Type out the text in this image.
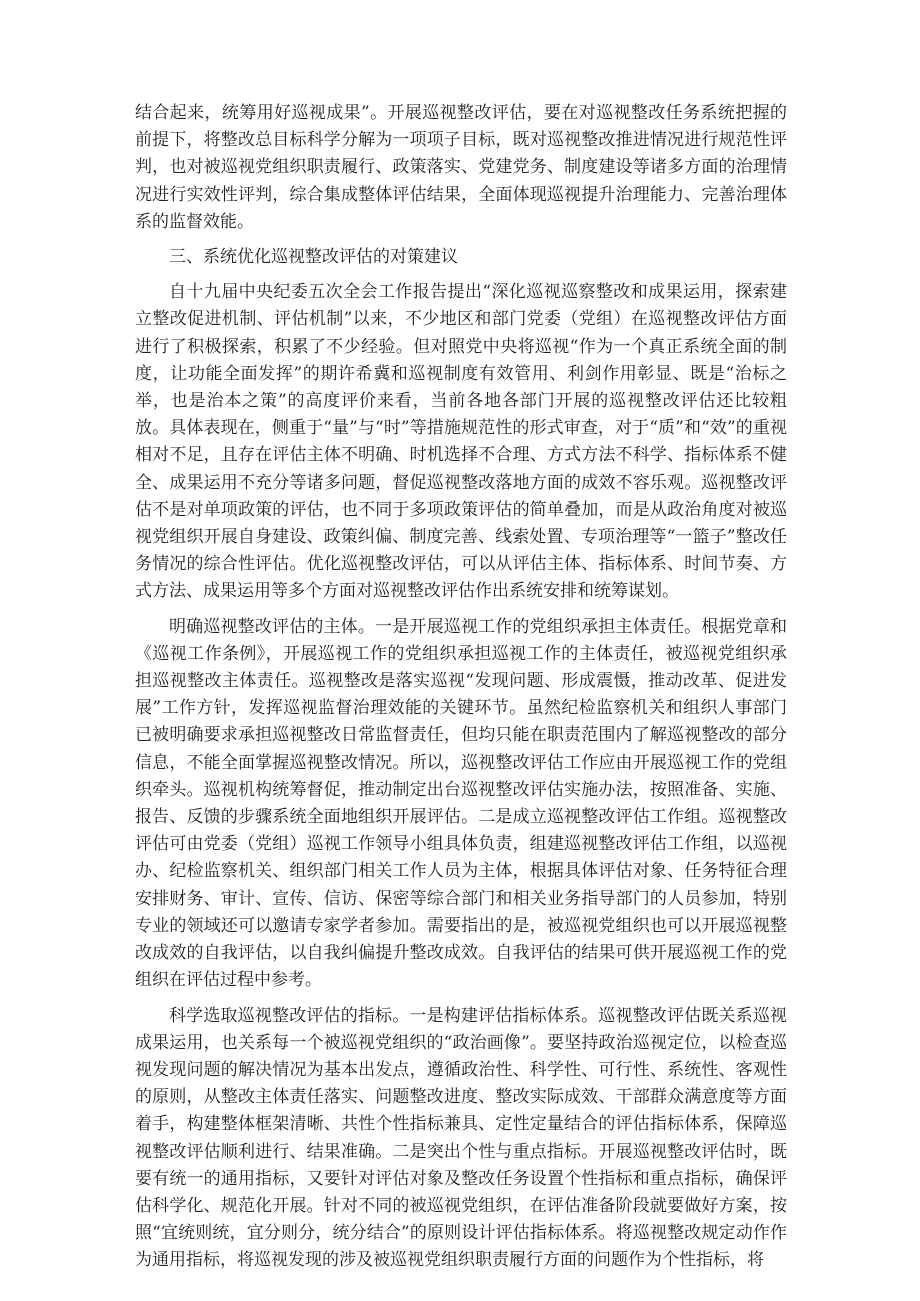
结合起来，统筹用好巡视成果”。开展巡视整改评估，要在对巡视整改任务系统把握的前提下，将整改总目标科学分解为一项项子目标，既对巡视整改推进情况进行规范性评判，也对被巡视党组织职责履行、政策落实、党建党务、制度建设等诸多方面的治理情况进行实效性评判，综合集成整体评估结果，全面体现巡视提升治理能力、完善治理体系的监督效能。

三、系统优化巡视整改评估的对策建议

自十九届中央纪委五次全会工作报告提出“深化巡视巡察整改和成果运用，探索建立整改促进机制、评估机制”以来，不少地区和部门党委（党组）在巡视整改评估方面进行了积极探索，积累了不少经验。但对照党中央将巡视“作为一个真正系统全面的制度，让功能全面发挥”的期许希冀和巡视制度有效管用、利剑作用彰显、既是“治标之举，也是治本之策”的高度评价来看，当前各地各部门开展的巡视整改评估还比较粗放。具体表现在，侧重于“量”与“时”等措施规范性的形式审查，对于“质”和“效”的重视相对不足，且存在评估主体不明确、时机选择不合理、方式方法不科学、指标体系不健全、成果运用不充分等诸多问题，督促巡视整改落地方面的成效不容乐观。巡视整改评估不是对单项政策的评估，也不同于多项政策评估的简单叠加，而是从政治角度对被巡视党组织开展自身建设、政策纠偏、制度完善、线索处置、专项治理等“一篮子”整改任务情况的综合性评估。优化巡视整改评估，可以从评估主体、指标体系、时间节奏、方式方法、成果运用等多个方面对巡视整改评估作出系统安排和统筹谋划。

明确巡视整改评估的主体。一是开展巡视工作的党组织承担主体责任。根据党章和《巡视工作条例》，开展巡视工作的党组织承担巡视工作的主体责任，被巡视党组织承担巡视整改主体责任。巡视整改是落实巡视“发现问题、形成震慑，推动改革、促进发展”工作方针，发挥巡视监督治理效能的关键环节。虽然纪检监察机关和组织人事部门已被明确要求承担巡视整改日常监督责任，但均只能在职责范围内了解巡视整改的部分信息，不能全面掌握巡视整改情况。所以，巡视整改评估工作应由开展巡视工作的党组织牵头。巡视机构统筹督促，推动制定出台巡视整改评估实施办法，按照准备、实施、报告、反馈的步骤系统全面地组织开展评估。二是成立巡视整改评估工作组。巡视整改评估可由党委（党组）巡视工作领导小组具体负责，组建巡视整改评估工作组，以巡视办、纪检监察机关、组织部门相关工作人员为主体，根据具体评估对象、任务特征合理安排财务、审计、宣传、信访、保密等综合部门和相关业务指导部门的人员参加，特别专业的领域还可以邀请专家学者参加。需要指出的是，被巡视党组织也可以开展巡视整改成效的自我评估，以自我纠偏提升整改成效。自我评估的结果可供开展巡视工作的党组织在评估过程中参考。

科学选取巡视整改评估的指标。一是构建评估指标体系。巡视整改评估既关系巡视成果运用，也关系每一个被巡视党组织的“政治画像”。要坚持政治巡视定位，以检查巡视发现问题的解决情况为基本出发点，遵循政治性、科学性、可行性、系统性、客观性的原则，从整改主体责任落实、问题整改进度、整改实际成效、干部群众满意度等方面着手，构建整体框架清晰、共性个性指标兼具、定性定量结合的评估指标体系，保障巡视整改评估顺利进行、结果准确。二是突出个性与重点指标。开展巡视整改评估时，既要有统一的通用指标，又要针对评估对象及整改任务设置个性指标和重点指标，确保评估科学化、规范化开展。针对不同的被巡视党组织，在评估准备阶段就要做好方案，按照“宜统则统，宜分则分，统分结合”的原则设计评估指标体系。将巡视整改规定动作作为通用指标，将巡视发现的涉及被巡视党组织职责履行方面的问题作为个性指标，将
